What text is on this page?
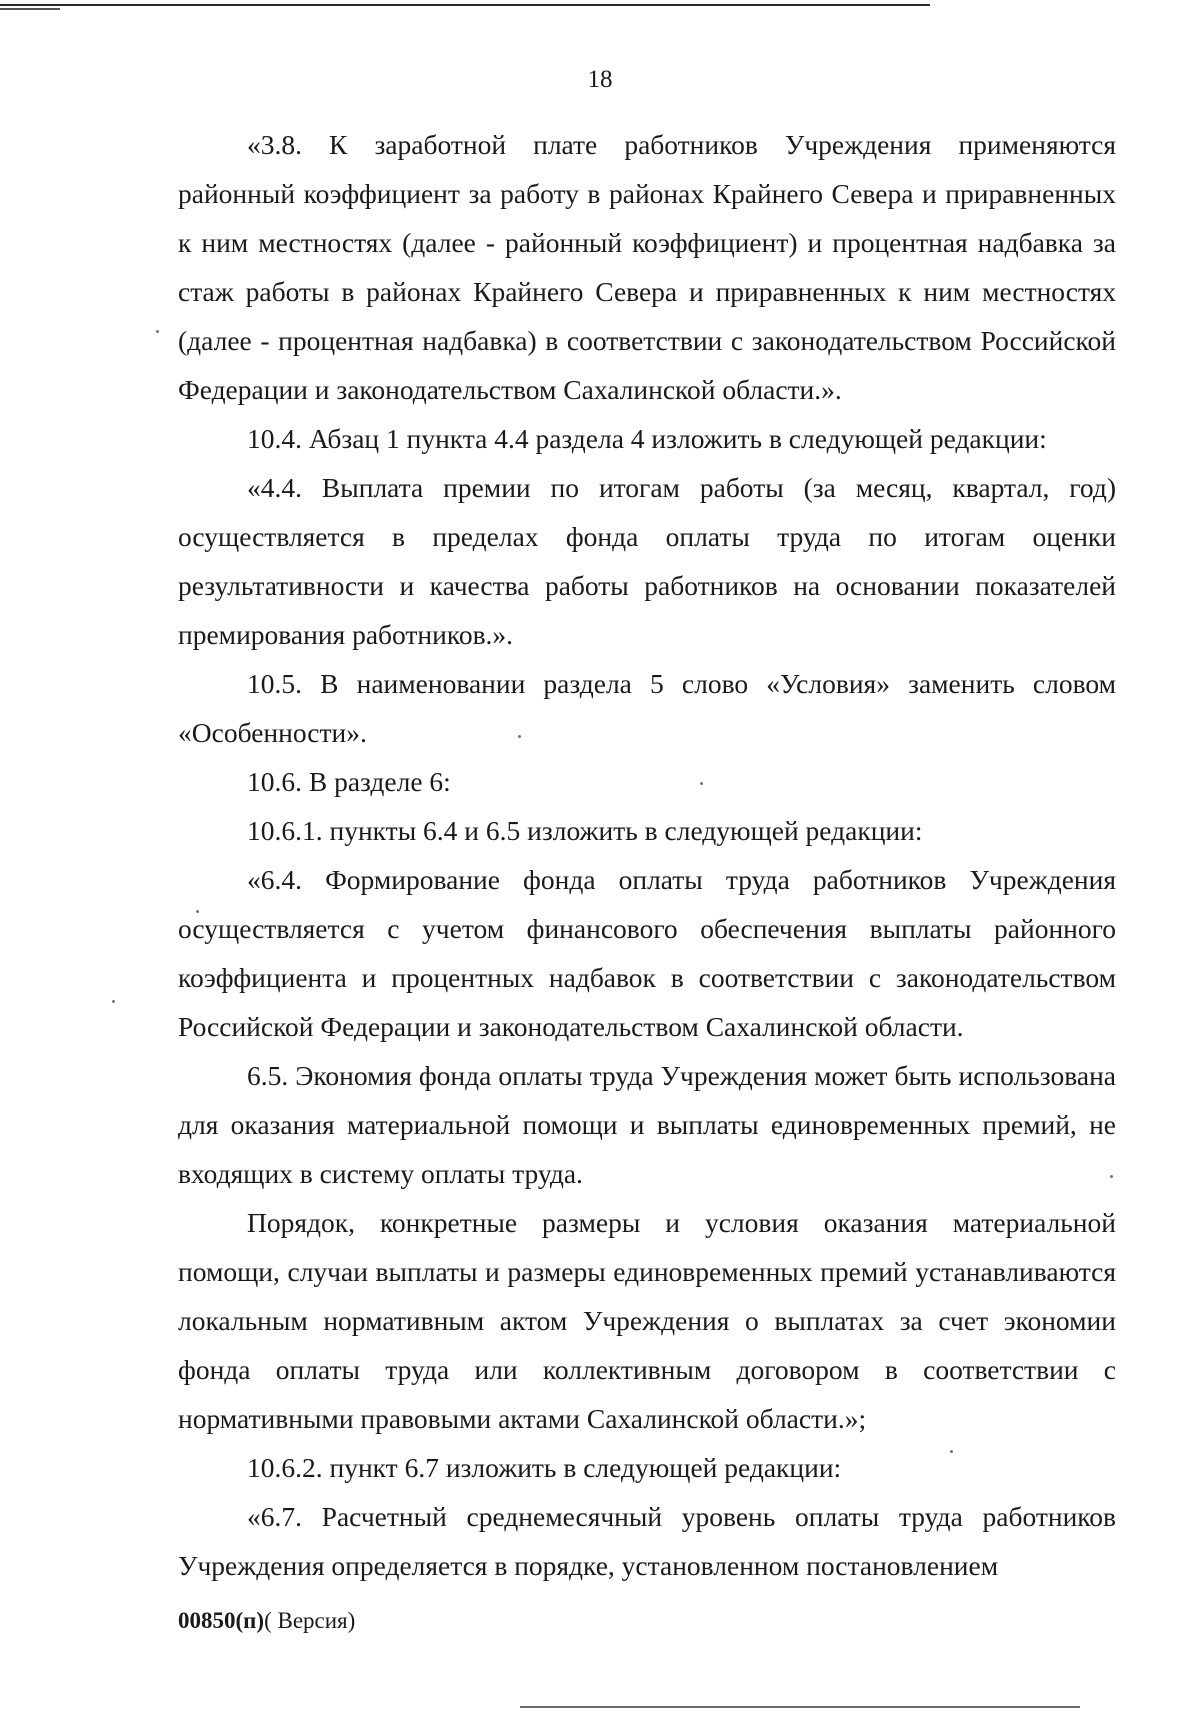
18

«3.8. К заработной плате работников Учреждения применяются районный коэффициент за работу в районах Крайнего Севера и приравненных к ним местностях (далее - районный коэффициент) и процентная надбавка за стаж работы в районах Крайнего Севера и приравненных к ним местностях (далее - процентная надбавка) в соответствии с законодательством Российской Федерации и законодательством Сахалинской области.».

10.4. Абзац 1 пункта 4.4 раздела 4 изложить в следующей редакции:

«4.4. Выплата премии по итогам работы (за месяц, квартал, год) осуществляется в пределах фонда оплаты труда по итогам оценки результативности и качества работы работников на основании показателей премирования работников.».

10.5. В наименовании раздела 5 слово «Условия» заменить словом «Особенности».

10.6. В разделе 6:

10.6.1. пункты 6.4 и 6.5 изложить в следующей редакции:

«6.4. Формирование фонда оплаты труда работников Учреждения осуществляется с учетом финансового обеспечения выплаты районного коэффициента и процентных надбавок в соответствии с законодательством Российской Федерации и законодательством Сахалинской области.

6.5. Экономия фонда оплаты труда Учреждения может быть использована для оказания материальной помощи и выплаты единовременных премий, не входящих в систему оплаты труда.

Порядок, конкретные размеры и условия оказания материальной помощи, случаи выплаты и размеры единовременных премий устанавливаются локальным нормативным актом Учреждения о выплатах за счет экономии фонда оплаты труда или коллективным договором в соответствии с нормативными правовыми актами Сахалинской области.»;

10.6.2. пункт 6.7 изложить в следующей редакции:

«6.7. Расчетный среднемесячный уровень оплаты труда работников Учреждения определяется в порядке, установленном постановлением

00850(п)( Версия)
